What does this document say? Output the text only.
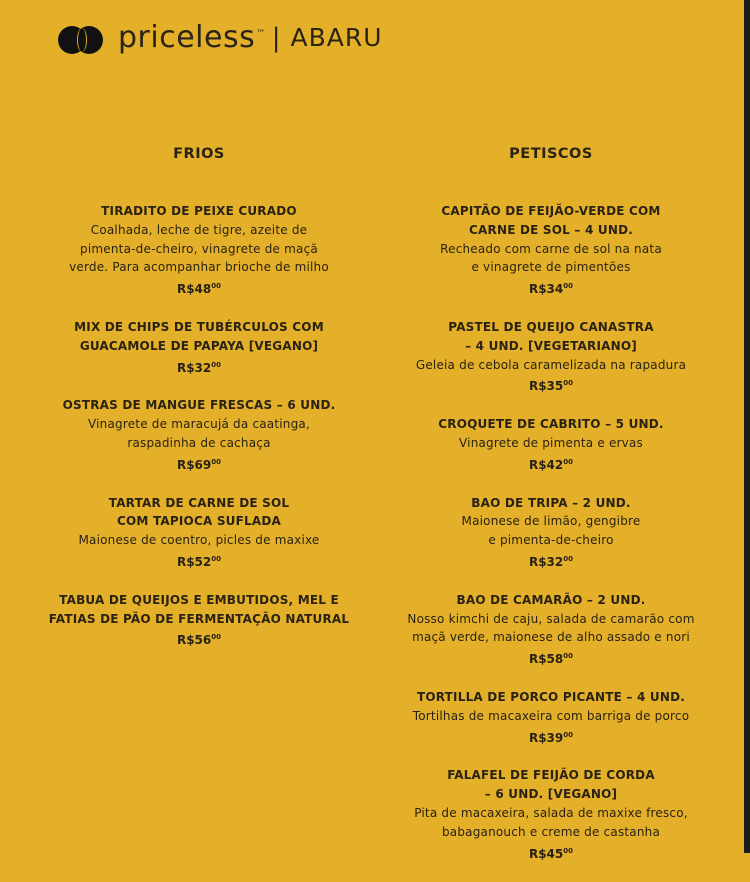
priceless™ | ABARU
FRIOS
TIRADITO DE PEIXE CURADO
Coalhada, leche de tigre, azeite de
pimenta-de-cheiro, vinagrete de maçã
verde. Para acompanhar brioche de milho
$R\$48^{00}$
MIX DE CHIPS DE TUBÉRCULOS COM
GUACAMOLE DE PAPAYA [VEGANO]
$R\$32^{00}$
OSTRAS DE MANGUE FRESCAS – 6 UND.
Vinagrete de maracujá da caatinga,
raspadinha de cachaça
$R\$69^{00}$
TARTAR DE CARNE DE SOL
COM TAPIOCA SUFLADA
Maionese de coentro, picles de maxixe
$R\$52^{00}$
TABUA DE QUEIJOS E EMBUTIDOS, MEL E
FATIAS DE PÃO DE FERMENTAÇÃO NATURAL
$R\$56^{00}$
PETISCOS
CAPITÃO DE FEIJÃO-VERDE COM
CARNE DE SOL – 4 UND.
Recheado com carne de sol na nata
e vinagrete de pimentões
$R\$34^{00}$
PASTEL DE QUEIJO CANASTRA
– 4 UND. [VEGETARIANO]
Geleia de cebola caramelizada na rapadura
$R\$35^{00}$
CROQUETE DE CABRITO – 5 UND.
Vinagrete de pimenta e ervas
$R\$42^{00}$
BAO DE TRIPA – 2 UND.
Maionese de limão, gengibre
e pimenta-de-cheiro
$R\$32^{00}$
BAO DE CAMARÃO – 2 UND.
Nosso kimchi de caju, salada de camarão com
maçã verde, maionese de alho assado e nori
$R\$58^{00}$
TORTILLA DE PORCO PICANTE – 4 UND.
Tortilhas de macaxeira com barriga de porco
$R\$39^{00}$
FALAFEL DE FEIJÃO DE CORDA
– 6 UND. [VEGANO]
Pita de macaxeira, salada de maxixe fresco,
babaganouch e creme de castanha
$R\$45^{00}$
